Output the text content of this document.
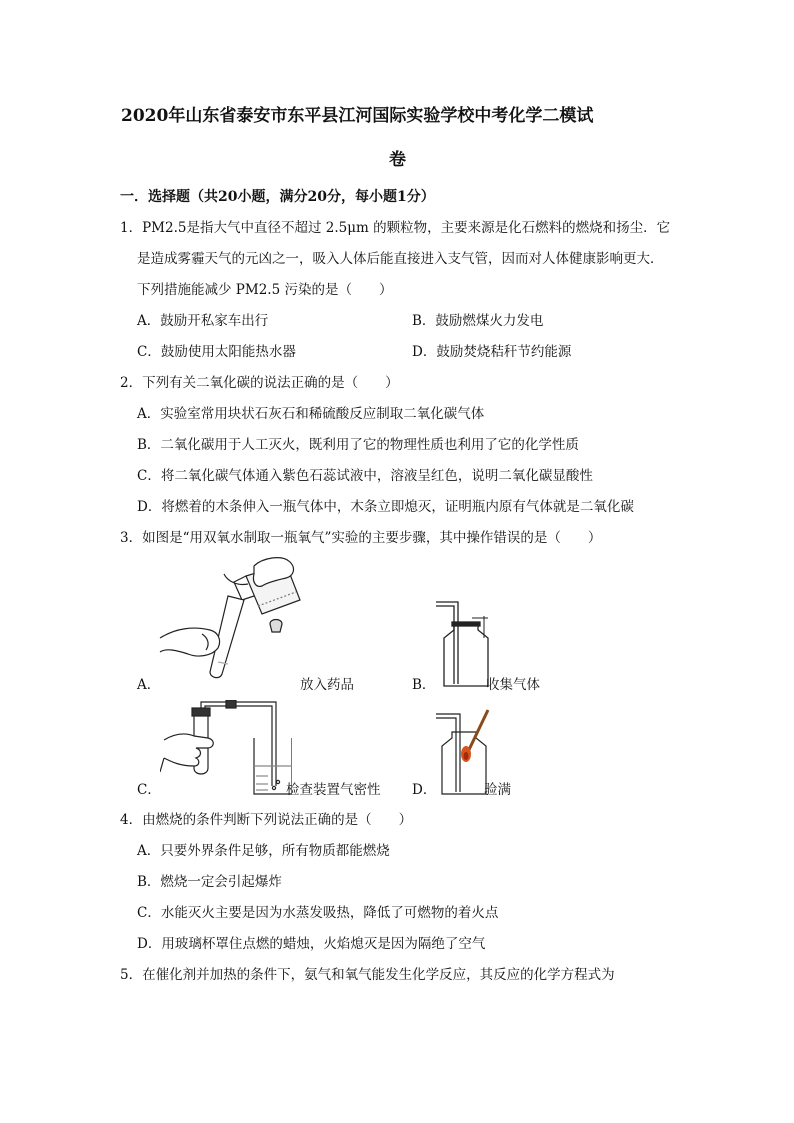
2020年山东省泰安市东平县江河国际实验学校中考化学二模试
卷
一．选择题（共20小题，满分20分，每小题1分）
1．PM2.5是指大气中直径不超过 2.5μm 的颗粒物，主要来源是化石燃料的燃烧和扬尘．它
是造成雾霾天气的元凶之一，吸入人体后能直接进入支气管，因而对人体健康影响更大．
下列措施能减少 PM2.5 污染的是（　　）
A．鼓励开私家车出行	B．鼓励燃煤火力发电
C．鼓励使用太阳能热水器	D．鼓励焚烧秸秆节约能源
2．下列有关二氧化碳的说法正确的是（　　）
A．实验室常用块状石灰石和稀硫酸反应制取二氧化碳气体
B．二氧化碳用于人工灭火，既利用了它的物理性质也利用了它的化学性质
C．将二氧化碳气体通入紫色石蕊试液中，溶液呈红色，说明二氧化碳显酸性
D．将燃着的木条伸入一瓶气体中，木条立即熄灭，证明瓶内原有气体就是二氧化碳
3．如图是“用双氧水制取一瓶氧气”实验的主要步骤，其中操作错误的是（　　）
A．	放入药品	B．	收集气体
C．	检查装置气密性 D．	验满
4．由燃烧的条件判断下列说法正确的是（　　）
A．只要外界条件足够，所有物质都能燃烧
B．燃烧一定会引起爆炸
C．水能灭火主要是因为水蒸发吸热，降低了可燃物的着火点
D．用玻璃杯罩住点燃的蜡烛，火焰熄灭是因为隔绝了空气
5．在催化剂并加热的条件下，氨气和氧气能发生化学反应，其反应的化学方程式为
